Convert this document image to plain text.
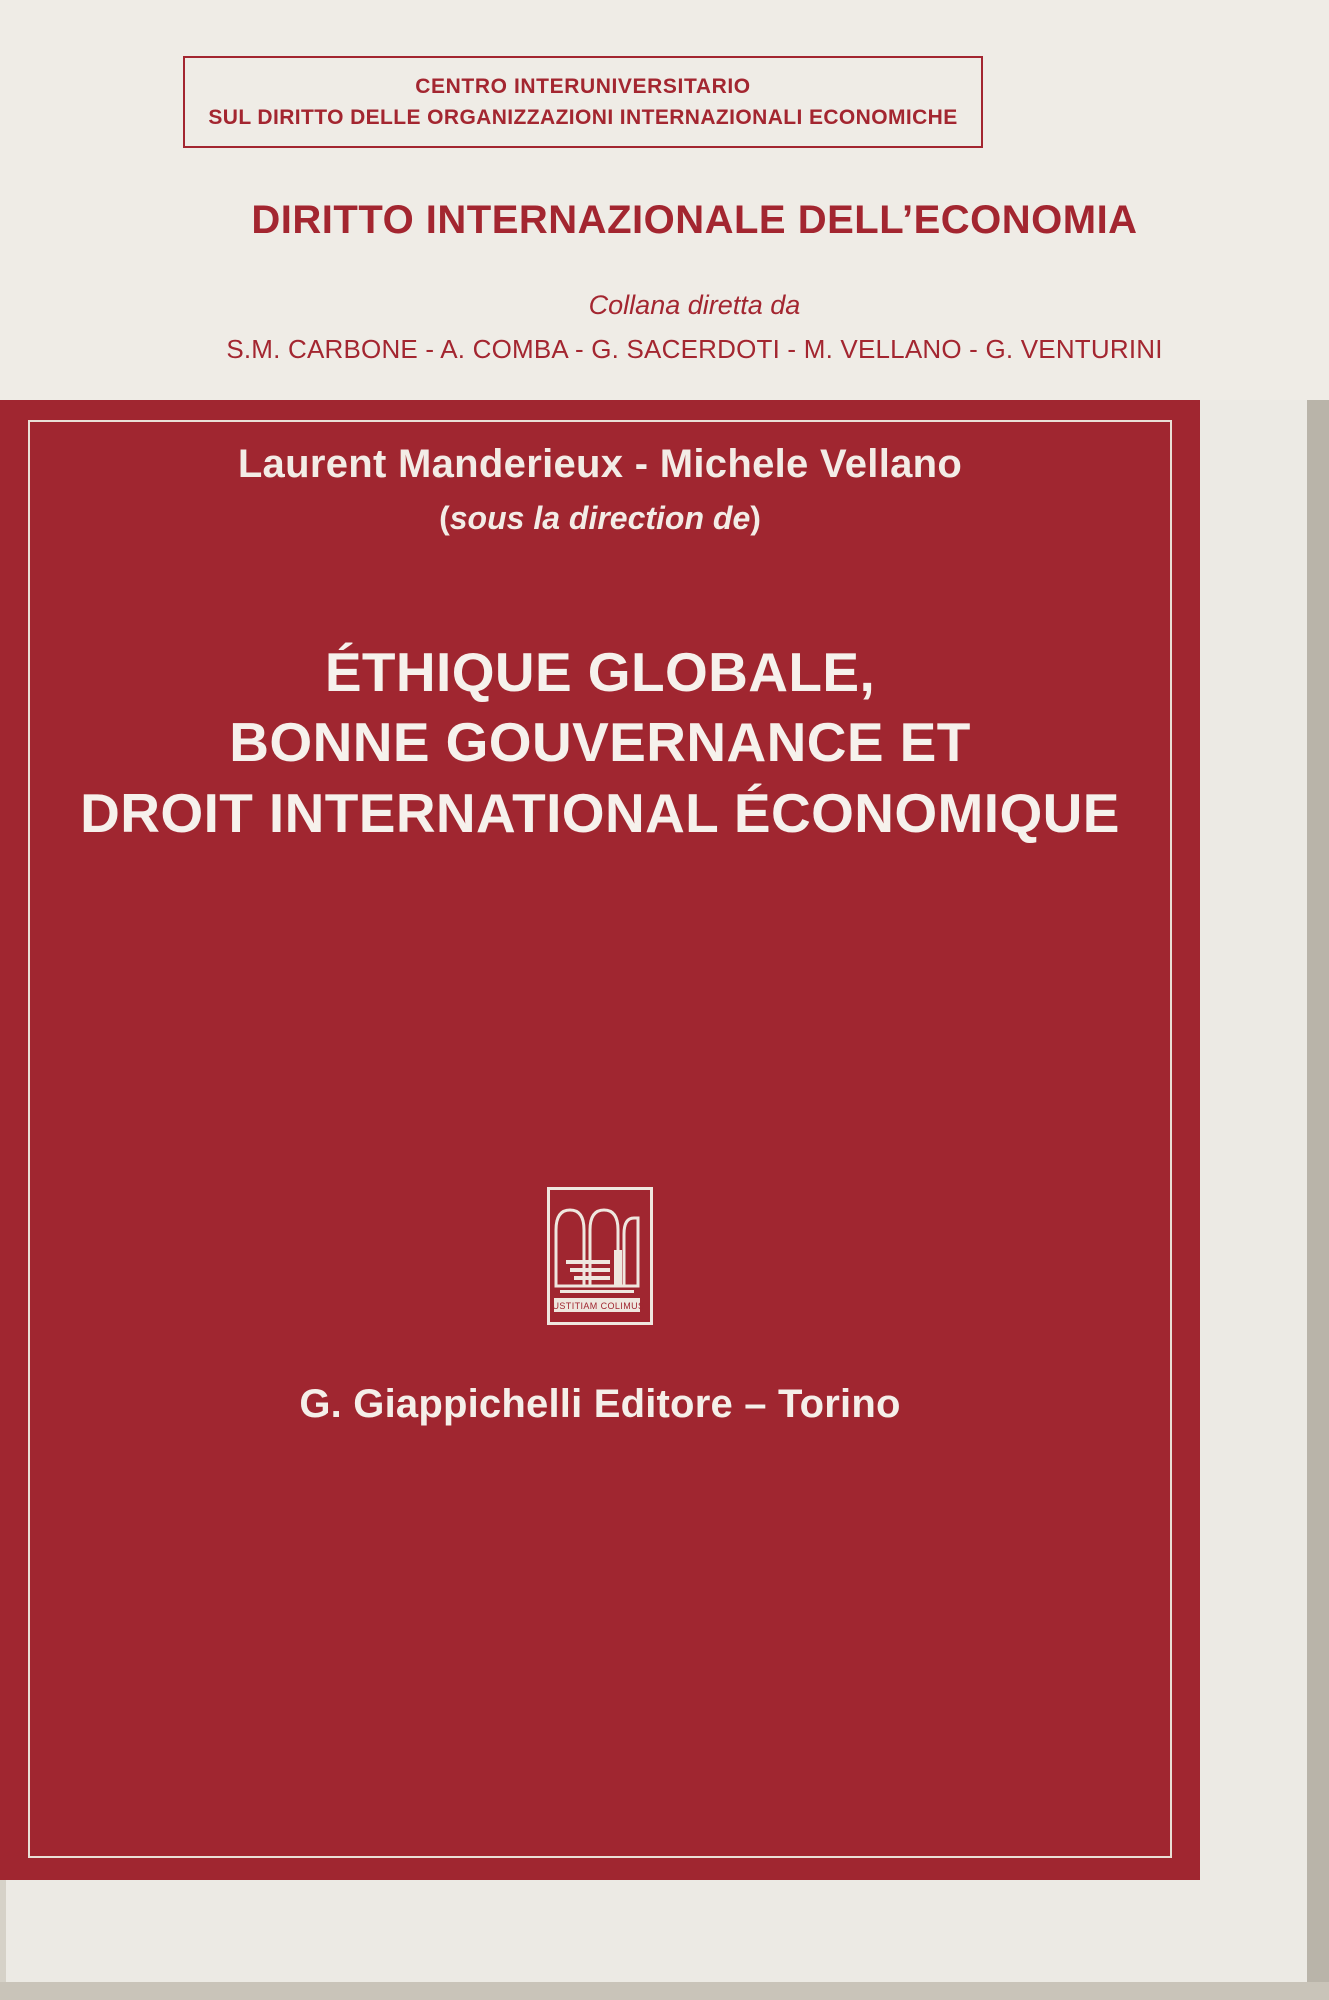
CENTRO INTERUNIVERSITARIO
SUL DIRITTO DELLE ORGANIZZAZIONI INTERNAZIONALI ECONOMICHE
DIRITTO INTERNAZIONALE DELL’ECONOMIA
Collana diretta da
S.M. CARBONE - A. COMBA - G. SACERDOTI - M. VELLANO - G. VENTURINI
Laurent Manderieux - Michele Vellano
(sous la direction de)
ÉTHIQUE GLOBALE,
BONNE GOUVERNANCE ET
DROIT INTERNATIONAL ÉCONOMIQUE
IUSTITIAM COLIMUS
G. Giappichelli Editore – Torino
